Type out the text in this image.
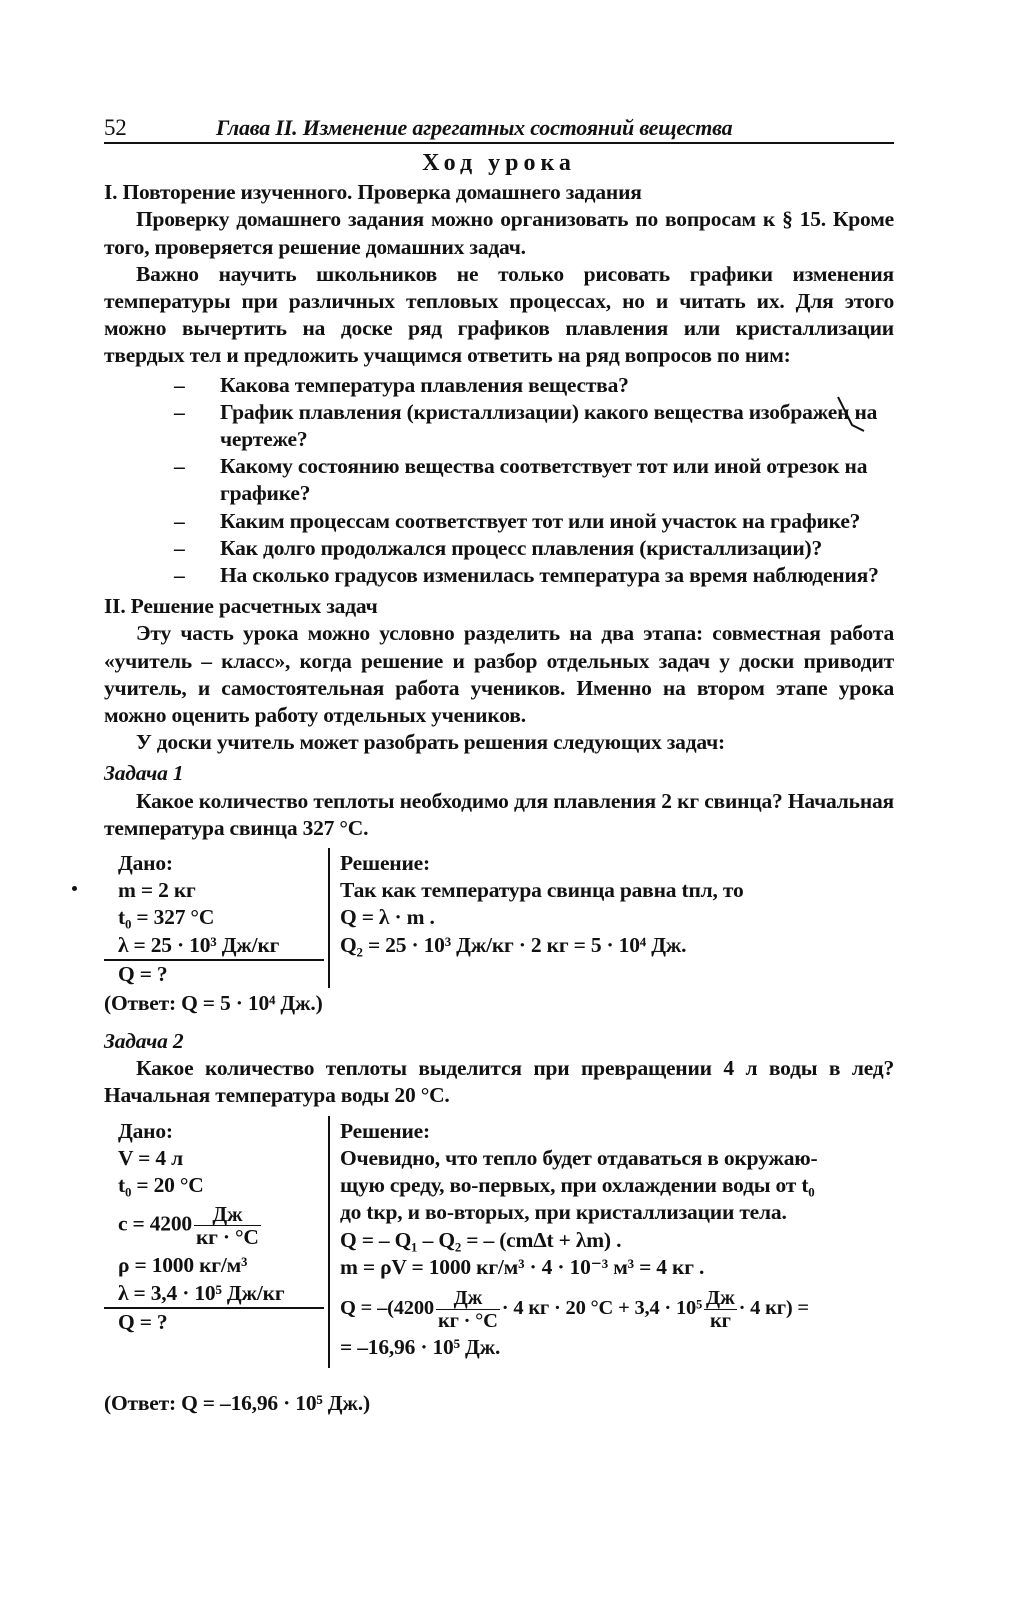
52	Глава II. Изменение агрегатных состояний вещества
Ход урока
I. Повторение изученного. Проверка домашнего задания

Проверку домашнего задания можно организовать по вопросам к § 15. Кроме того, проверяется решение домашних задач.

Важно научить школьников не только рисовать графики изменения температуры при различных тепловых процессах, но и читать их. Для этого можно вычертить на доске ряд графиков плавления или кристаллизации твердых тел и предложить учащимся ответить на ряд вопросов по ним:

– Какова температура плавления вещества?
– График плавления (кристаллизации) какого вещества изображен на чертеже?
– Какому состоянию вещества соответствует тот или иной отрезок на графике?
– Каким процессам соответствует тот или иной участок на графике?
– Как долго продолжался процесс плавления (кристаллизации)?
– На сколько градусов изменилась температура за время наблюдения?
II. Решение расчетных задач

Эту часть урока можно условно разделить на два этапа: совместная работа «учитель – класс», когда решение и разбор отдельных задач у доски приводит учитель, и самостоятельная работа учеников. Именно на втором этапе урока можно оценить работу отдельных учеников.

У доски учитель может разобрать решения следующих задач:

Задача 1

Какое количество теплоты необходимо для плавления 2 кг свинца? Начальная температура свинца 327 °С.

Дано:
m = 2 кг
t₀ = 327 °С
λ = 25 · 10³ Дж/кг
Q = ?
Решение:
Так как температура свинца равна tпл, то
Q = λ · m .
Q₂ = 25 · 10³ Дж/кг · 2 кг = 5 · 10⁴ Дж.
(Ответ: Q = 5 · 10⁴ Дж.)
Задача 2

Какое количество теплоты выделится при превращении 4 л воды в лед? Начальная температура воды 20 °С.

Дано:
V = 4 л
t₀ = 20 °С
$c = 4200 \frac{Дж}{кг \cdot ^\circ С}$
ρ = 1000 кг/м³
λ = 3,4 · 10⁵ Дж/кг
Q = ?
Решение:
Очевидно, что тепло будет отдаваться в окружаю-
щую среду, во-первых, при охлаждении воды от t₀
до tкр, и во-вторых, при кристаллизации тела.
Q = – Q₁ – Q₂ = – (cmΔt + λm) .
m = ρV = 1000 кг/м³ · 4 · 10⁻³ м³ = 4 кг .
$Q = -(4200 \frac{Дж}{кг \cdot ^\circ С} \cdot 4$ кг · 20 $^\circ С + 3,4 \cdot 10^5 \frac{Дж}{кг} \cdot 4$ кг) =
= –16,96 · 10⁵ Дж.
(Ответ: Q = –16,96 · 10⁵ Дж.)
